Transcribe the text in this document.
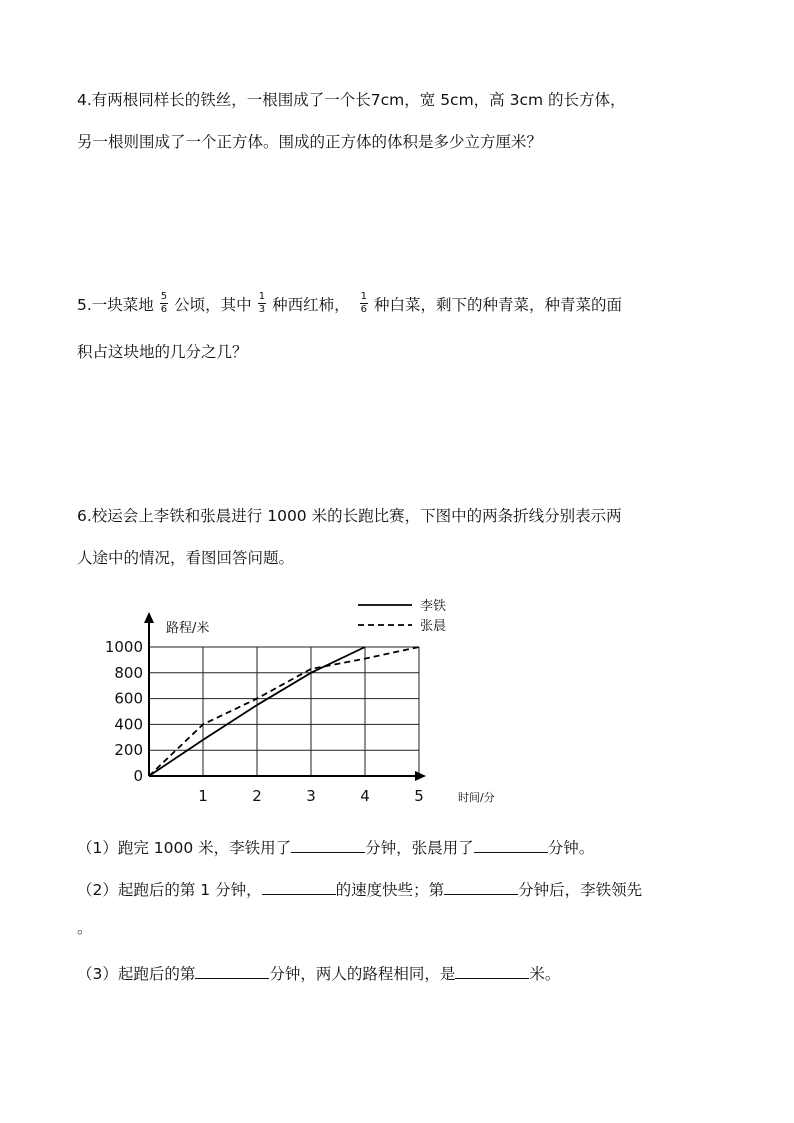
4.有两根同样长的铁丝，一根围成了一个长7cm，宽 5cm，高 3cm 的长方体，
另一根则围成了一个正方体。围成的正方体的体积是多少立方厘米？
5.一块菜地 $\frac{5}{6}$ 公顷，其中 $\frac{1}{3}$ 种西红柿， $\frac{1}{6}$ 种白菜，剩下的种青菜，种青菜的面
积占这块地的几分之几？
6.校运会上李铁和张晨进行 1000 米的长跑比赛，下图中的两条折线分别表示两
人途中的情况，看图回答问题。
0
200
400
600
800
1000
1	2	3	4	5
李铁
张晨
路程/米
时间/分
（1）跑完 1000 米，李铁用了	分钟，张晨用了	分钟。
（2）起跑后的第 1 分钟，	的速度快些；第	分钟后，李铁领先
。
（3）起跑后的第	分钟，两人的路程相同，是	米。
